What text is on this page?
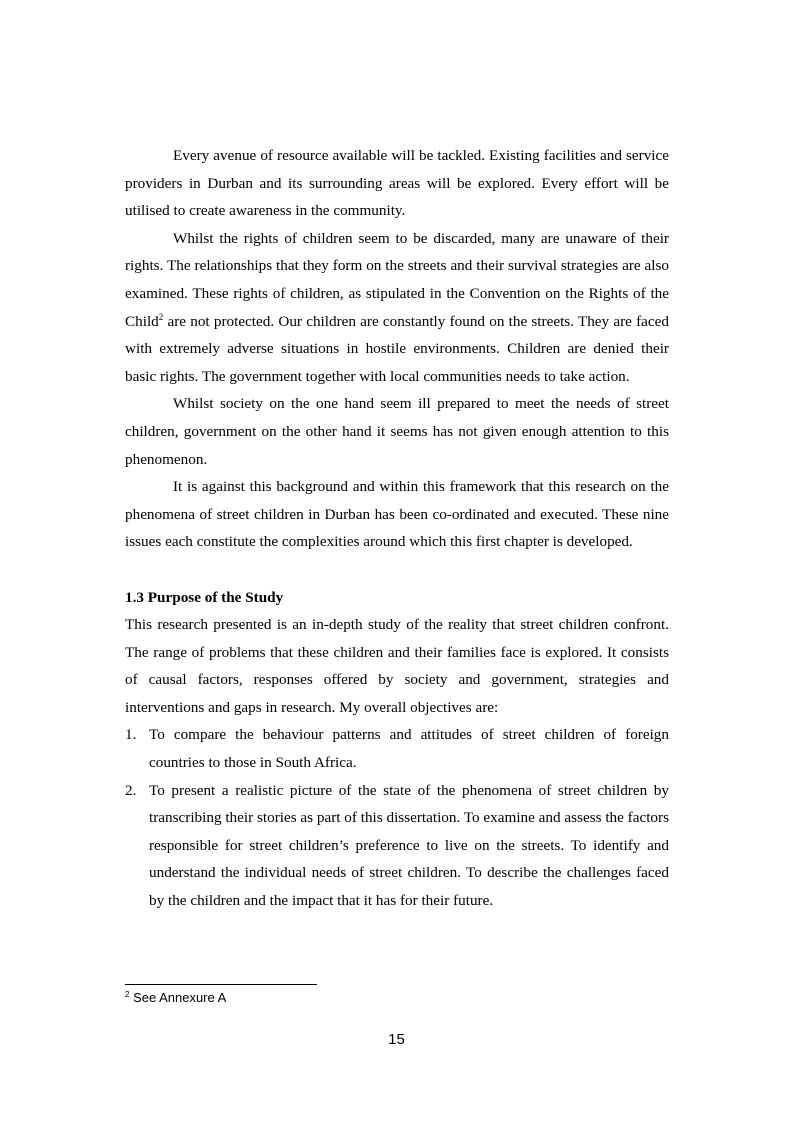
Every avenue of resource available will be tackled. Existing facilities and service providers in Durban and its surrounding areas will be explored. Every effort will be utilised to create awareness in the community.

Whilst the rights of children seem to be discarded, many are unaware of their rights. The relationships that they form on the streets and their survival strategies are also examined. These rights of children, as stipulated in the Convention on the Rights of the Child$^2$ are not protected. Our children are constantly found on the streets. They are faced with extremely adverse situations in hostile environments. Children are denied their basic rights. The government together with local communities needs to take action.

Whilst society on the one hand seem ill prepared to meet the needs of street children, government on the other hand it seems has not given enough attention to this phenomenon.

It is against this background and within this framework that this research on the phenomena of street children in Durban has been co-ordinated and executed. These nine issues each constitute the complexities around which this first chapter is developed.

1.3 Purpose of the Study

This research presented is an in-depth study of the reality that street children confront. The range of problems that these children and their families face is explored. It consists of causal factors, responses offered by society and government, strategies and interventions and gaps in research. My overall objectives are:

1. To compare the behaviour patterns and attitudes of street children of foreign countries to those in South Africa.
2. To present a realistic picture of the state of the phenomena of street children by transcribing their stories as part of this dissertation. To examine and assess the factors responsible for street children’s preference to live on the streets. To identify and understand the individual needs of street children. To describe the challenges faced by the children and the impact that it has for their future.
$^2$ See Annexure A
15
